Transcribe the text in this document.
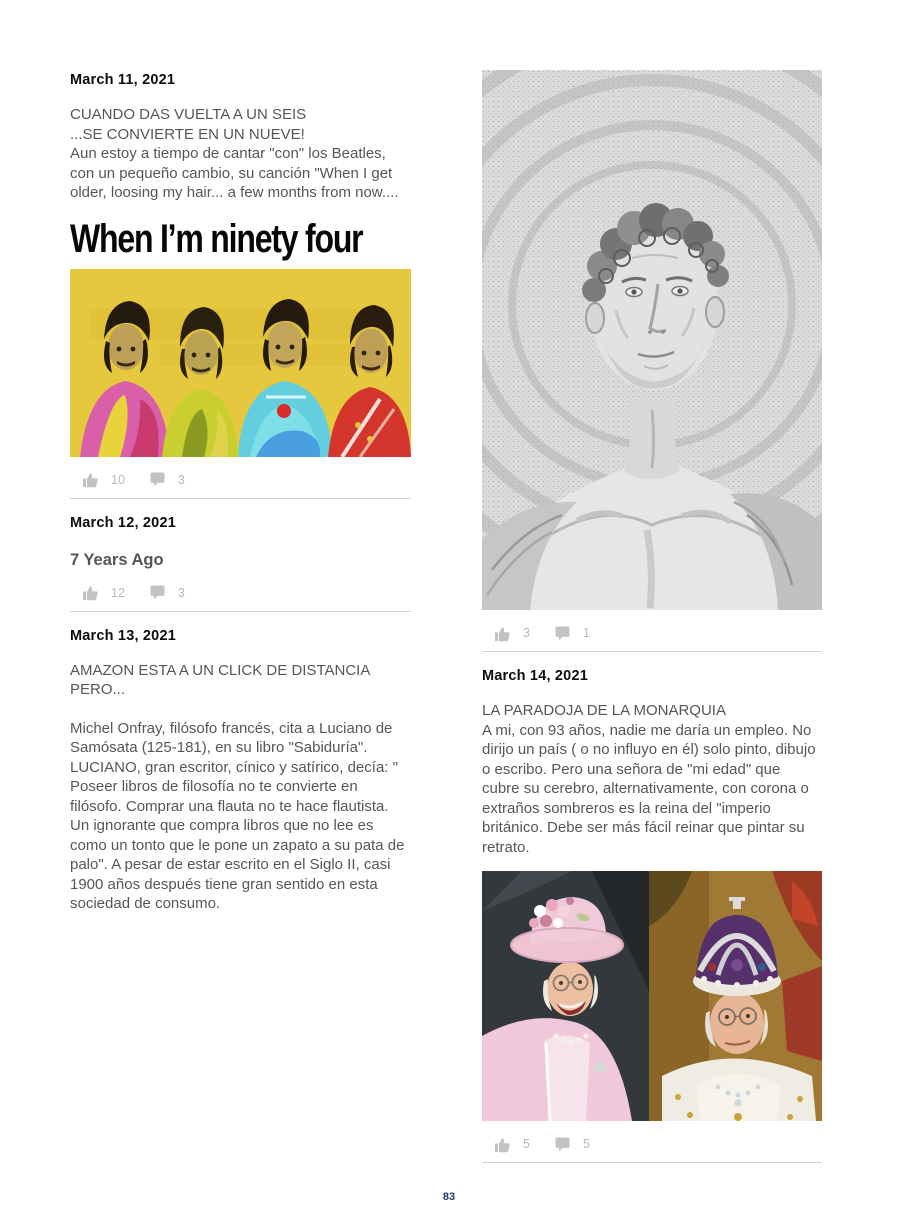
March 11, 2021

CUANDO DAS VUELTA A UN SEIS
...SE CONVIERTE EN UN NUEVE!
Aun estoy a tiempo de cantar "con" los Beatles, con un pequeño cambio, su canción "When I get older, loosing my hair... a few months from now....

When I’m ninety four
10	3
March 12, 2021
7 Years Ago
12	3
March 13, 2021

AMAZON ESTA A UN CLICK DE DISTANCIA PERO...

Michel Onfray, filósofo francés, cita a Luciano de Samósata (125-181), en su libro "Sabiduría". LUCIANO, gran escritor, cínico y satírico, decía: " Poseer libros de filosofía no te convierte en filósofo. Comprar una flauta no te hace flautista. Un ignorante que compra libros que no lee es como un tonto que le pone un zapato a su pata de palo". A pesar de estar escrito en el Siglo II, casi 1900 años después tiene gran sentido en esta sociedad de consumo.

3	1
March 14, 2021

LA PARADOJA DE LA MONARQUIA
A mi, con 93 años, nadie me daría un empleo. No dirijo un país ( o no influyo en él) solo pinto, dibujo o escribo. Pero una señora de "mi edad" que cubre su cerebro, alternativamente, con corona o extraños sombreros es la reina del "imperio británico. Debe ser más fácil reinar que pintar su retrato.

5	5
83
